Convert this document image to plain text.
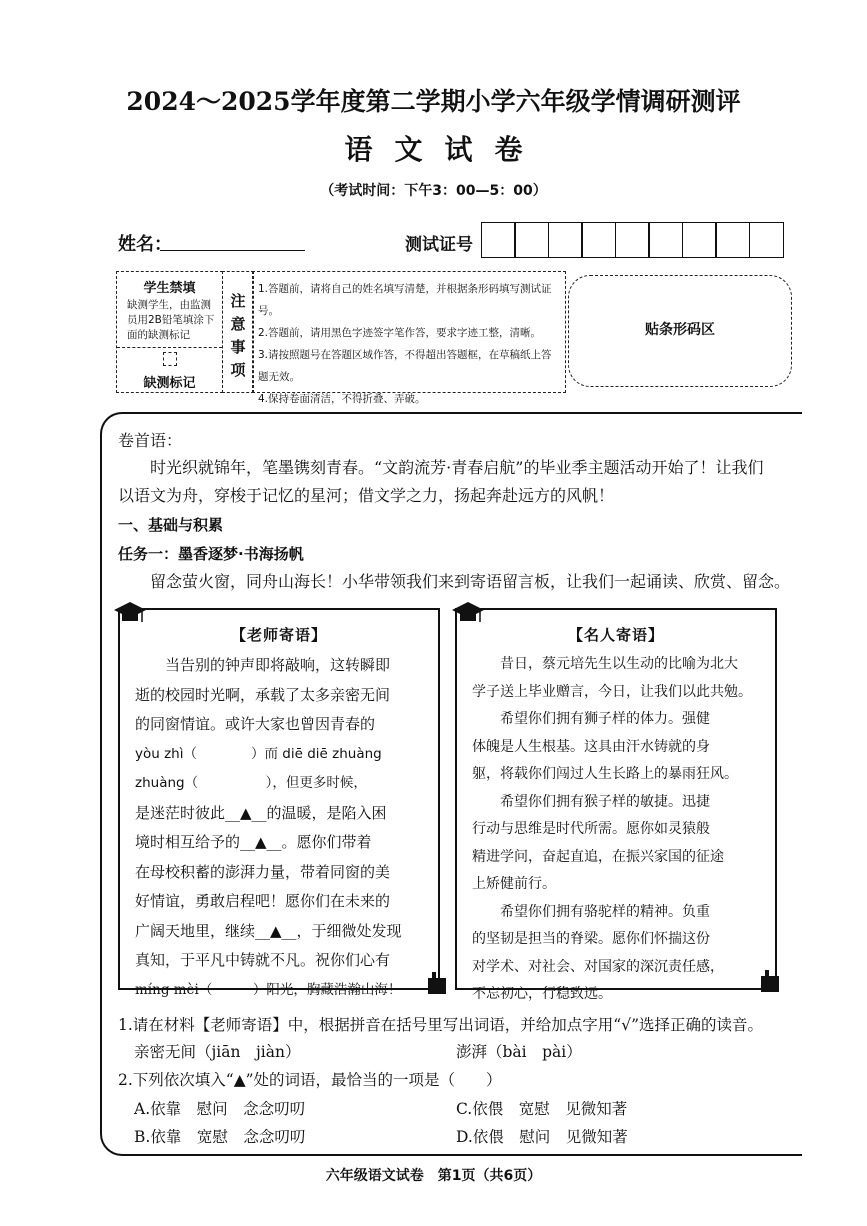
2024～2025学年度第二学期小学六年级学情调研测评
语文试卷
（考试时间：下午3：00—5：00）
姓名：	测试证号
学生禁填
缺测学生，由监测员用2B铅笔填涂下面的缺测标记
缺测标记
注
意
事
项
1.答题前，请将自己的姓名填写清楚，并根据条形码填写测试证号。
2.答题前，请用黑色字迹签字笔作答，要求字迹工整，清晰。
3.请按照题号在答题区域作答，不得超出答题框，在草稿纸上答题无效。
4.保持卷面清洁，不得折叠、弄破。
贴条形码区
卷首语：
时光织就锦年，笔墨镌刻青春。“文韵流芳·青春启航”的毕业季主题活动开始了！让我们
以语文为舟，穿梭于记忆的星河；借文学之力，扬起奔赴远方的风帆！
一、基础与积累
任务一：墨香逐梦·书海扬帆
留念萤火窗，同舟山海长！小华带领我们来到寄语留言板，让我们一起诵读、欣赏、留念。
【老师寄语】
当告别的钟声即将敲响，这转瞬即
逝的校园时光啊，承载了太多亲密无间
的同窗情谊。或许大家也曾因青春的
yòu zhì（　　　　）而 diē diē zhuàng
zhuàng（　　　　　），但更多时候，
是迷茫时彼此__▲__的温暖，是陷入困
境时相互给予的__▲__。愿你们带着
在母校积蓄的澎湃力量，带着同窗的美
好情谊，勇敢启程吧！愿你们在未来的
广阔天地里，继续__▲__，于细微处发现
真知，于平凡中铸就不凡。祝你们心有
míng mèi（　　　）阳光，胸藏浩瀚山海！
【名人寄语】
昔日，蔡元培先生以生动的比喻为北大
学子送上毕业赠言，今日，让我们以此共勉。
希望你们拥有狮子样的体力。强健
体魄是人生根基。这具由汗水铸就的身
躯，将载你们闯过人生长路上的暴雨狂风。
希望你们拥有猴子样的敏捷。迅捷
行动与思维是时代所需。愿你如灵猿般
精进学问，奋起直追，在振兴家国的征途
上矫健前行。
希望你们拥有骆驼样的精神。负重
的坚韧是担当的脊梁。愿你们怀揣这份
对学术、对社会、对国家的深沉责任感，
不忘初心，行稳致远。
1.请在材料【老师寄语】中，根据拼音在括号里写出词语，并给加点字用“√”选择正确的读音。
亲密无间（jiān　jiàn）	澎湃（bài　pài）
2.下列依次填入“▲”处的词语，最恰当的一项是（　　）
A.依靠　慰问　念念叨叨	C.依偎　宽慰　见微知著
B.依靠　宽慰　念念叨叨	D.依偎　慰问　见微知著
六年级语文试卷　第1页（共6页）
